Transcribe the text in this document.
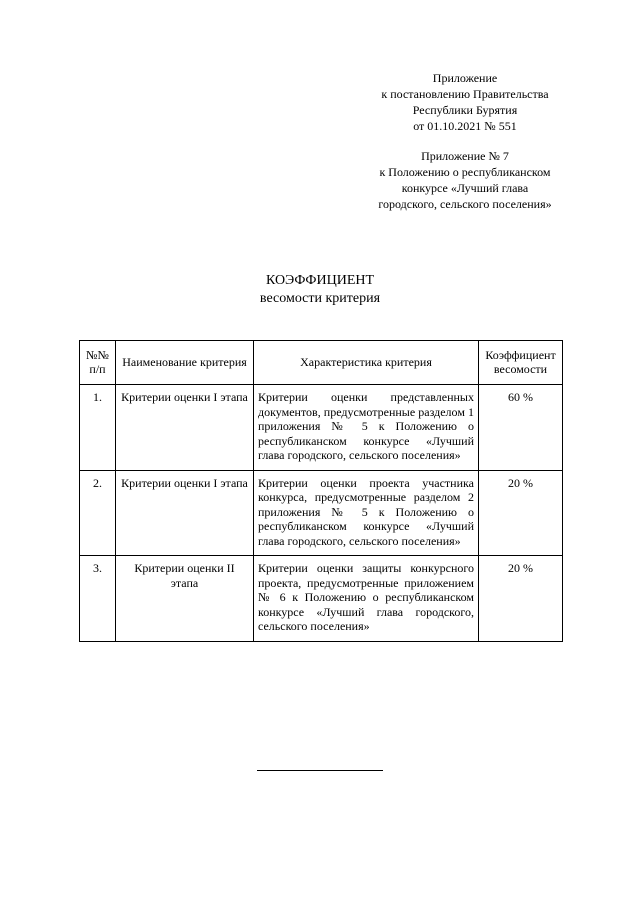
Приложение
к постановлению Правительства
Республики Бурятия
от 01.10.2021 № 551
Приложение № 7
к Положению о республиканском
конкурсе «Лучший глава
городского, сельского поселения»
КОЭФФИЦИЕНТ
весомости критерия
№№ п/п	Наименование критерия	Характеристика критерия	Коэффициент весомости
1.	Критерии оценки I этапа	Критерии оценки представленных документов, предусмотренные разделом 1 приложения № 5 к Положению о республиканском конкурсе «Лучший глава городского, сельского поселения»	60 %
2.	Критерии оценки I этапа	Критерии оценки проекта участника конкурса, предусмотренные разделом 2 приложения № 5 к Положению о республиканском конкурсе «Лучший глава городского, сельского поселения»	20 %
3.	Критерии оценки II этапа	Критерии оценки защиты конкурсного проекта, предусмотренные приложением № 6 к Положению о республиканском конкурсе «Лучший глава городского, сельского поселения»	20 %
